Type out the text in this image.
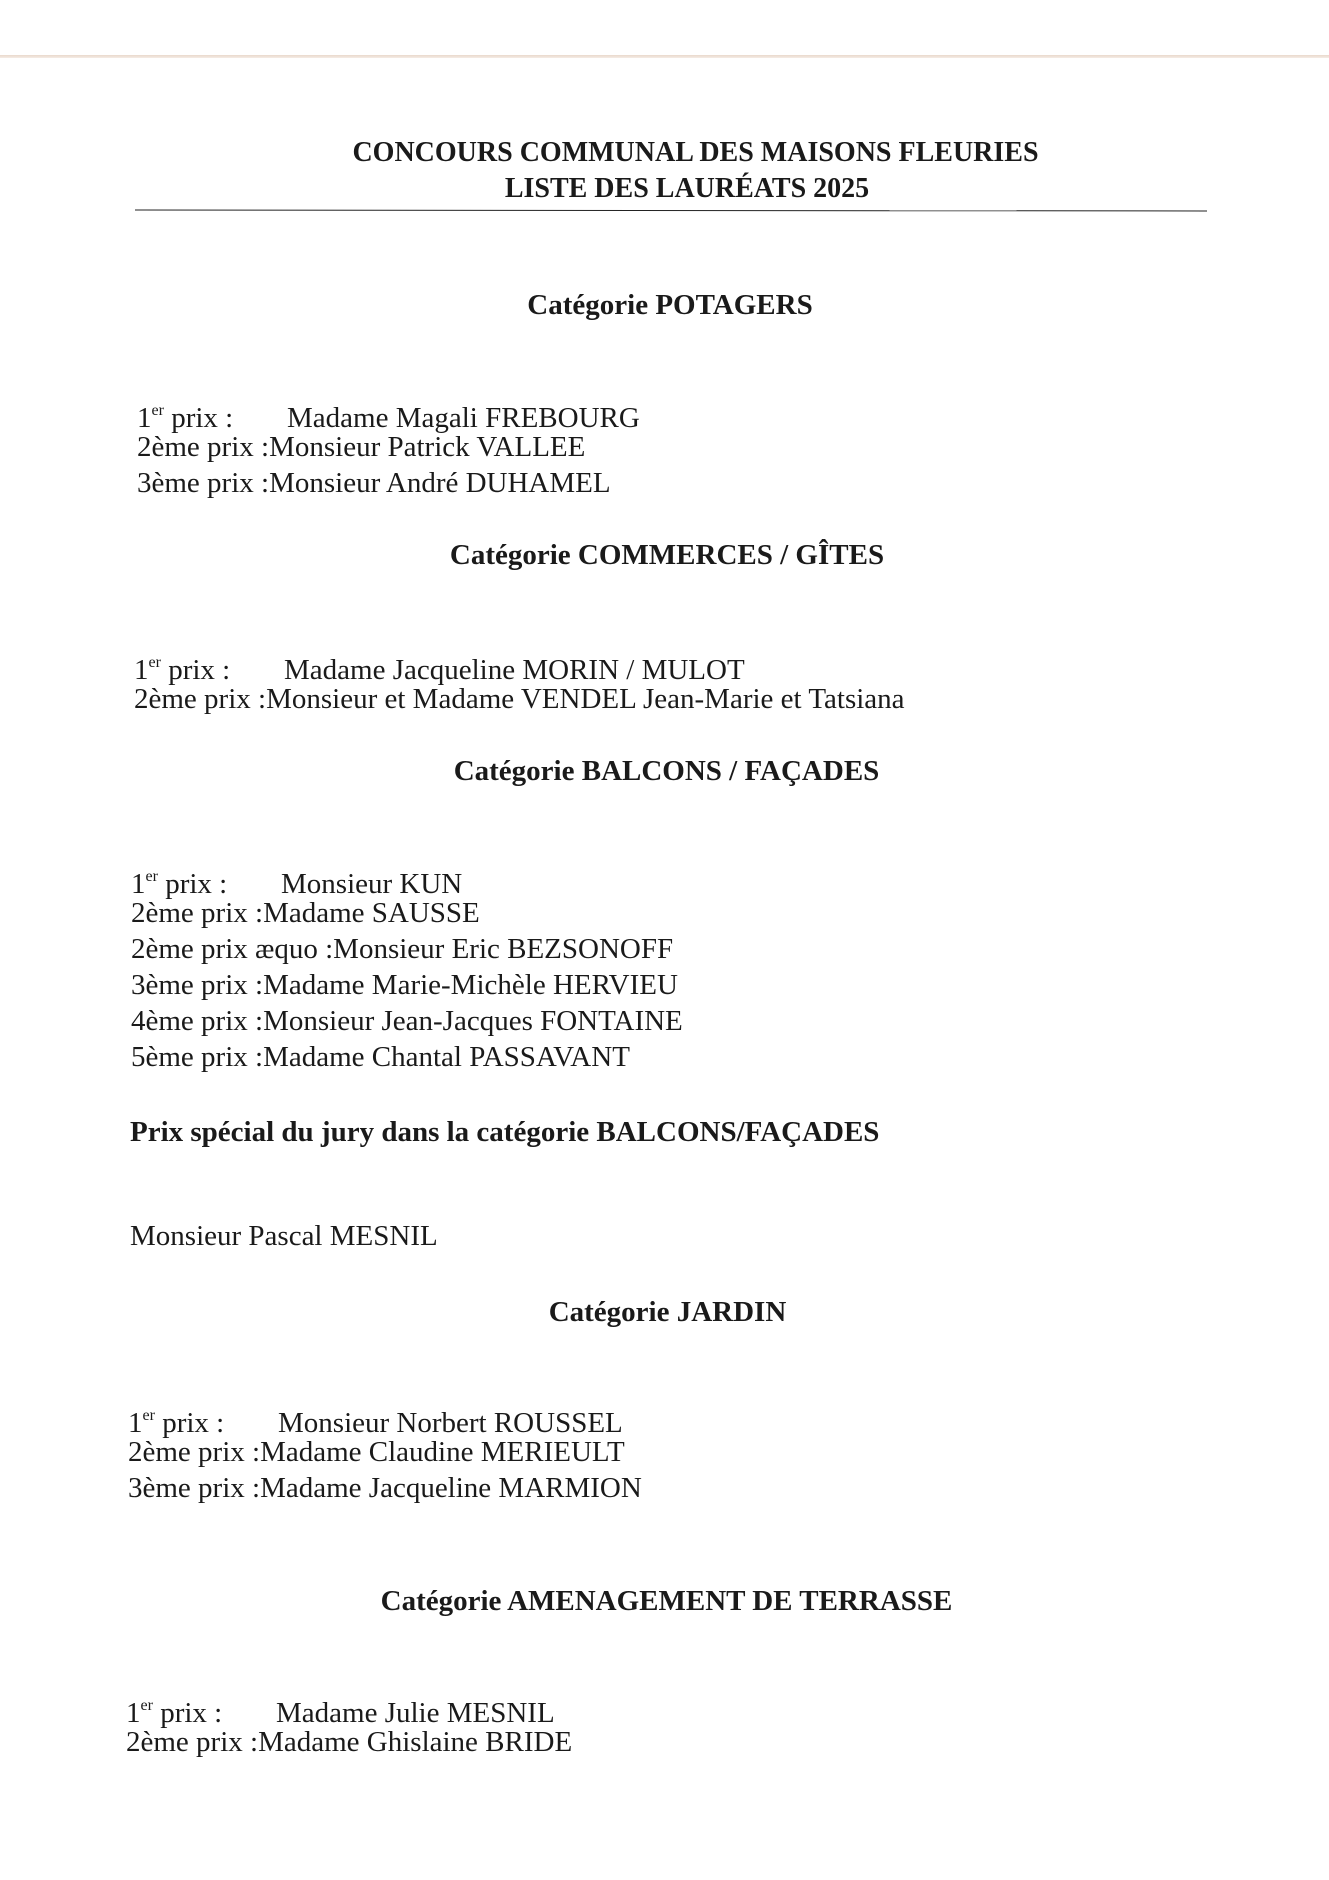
CONCOURS COMMUNAL DES MAISONS FLEURIES
LISTE DES LAURÉATS 2025
Catégorie POTAGERS
1er prix : Madame Magali FREBOURG
2ème prix :Monsieur Patrick VALLEE
3ème prix :Monsieur André DUHAMEL
Catégorie COMMERCES / GÎTES
1er prix : Madame Jacqueline MORIN / MULOT
2ème prix :Monsieur et Madame VENDEL Jean-Marie et Tatsiana
Catégorie BALCONS / FAÇADES
1er prix : Monsieur KUN
2ème prix :Madame SAUSSE
2ème prix æquo :Monsieur Eric BEZSONOFF
3ème prix :Madame Marie-Michèle HERVIEU
4ème prix :Monsieur Jean-Jacques FONTAINE
5ème prix :Madame Chantal PASSAVANT
Prix spécial du jury dans la catégorie BALCONS/FAÇADES
Monsieur Pascal MESNIL
Catégorie JARDIN
1er prix : Monsieur Norbert ROUSSEL
2ème prix :Madame Claudine MERIEULT
3ème prix :Madame Jacqueline MARMION
Catégorie AMENAGEMENT DE TERRASSE
1er prix : Madame Julie MESNIL
2ème prix :Madame Ghislaine BRIDE
